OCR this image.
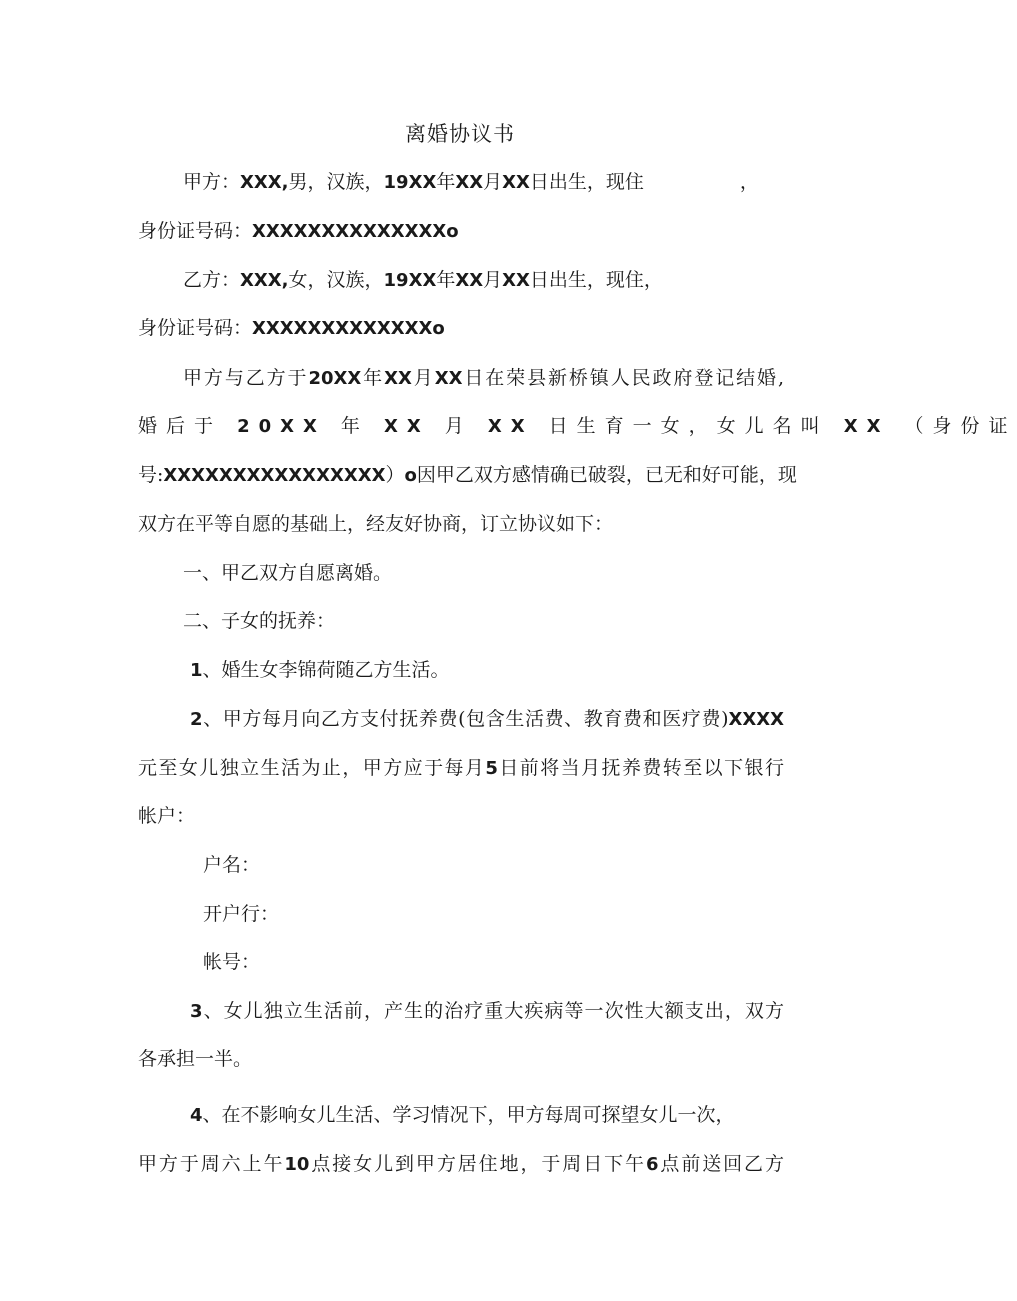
离婚协议书
甲方：XXX,男，汉族，19XX年XX月XX日出生，现住	，
身份证号码：XXXXXXXXXXXXXXo
乙方：XXX,女，汉族，19XX年XX月XX日出生，现住，
身份证号码：XXXXXXXXXXXXXo
甲方与乙方于20XX年XX月XX日在荣县新桥镇人民政府登记结婚,
婚后于 20XX 年 XX 月 XX 日生育一女，女儿名叫 XX （身份证
号:XXXXXXXXXXXXXXXX）o因甲乙双方感情确已破裂，已无和好可能，现
双方在平等自愿的基础上，经友好协商，订立协议如下：
一、甲乙双方自愿离婚。
二、子女的抚养：
1、婚生女李锦荷随乙方生活。
2、甲方每月向乙方支付抚养费(包含生活费、教育费和医疗费)XXXX
元至女儿独立生活为止，甲方应于每月5日前将当月抚养费转至以下银行
帐户：
户名：
开户行：
帐号：
3、女儿独立生活前，产生的治疗重大疾病等一次性大额支出，双方
各承担一半。
4、在不影响女儿生活、学习情况下，甲方每周可探望女儿一次，
甲方于周六上午10点接女儿到甲方居住地，于周日下午6点前送回乙方
